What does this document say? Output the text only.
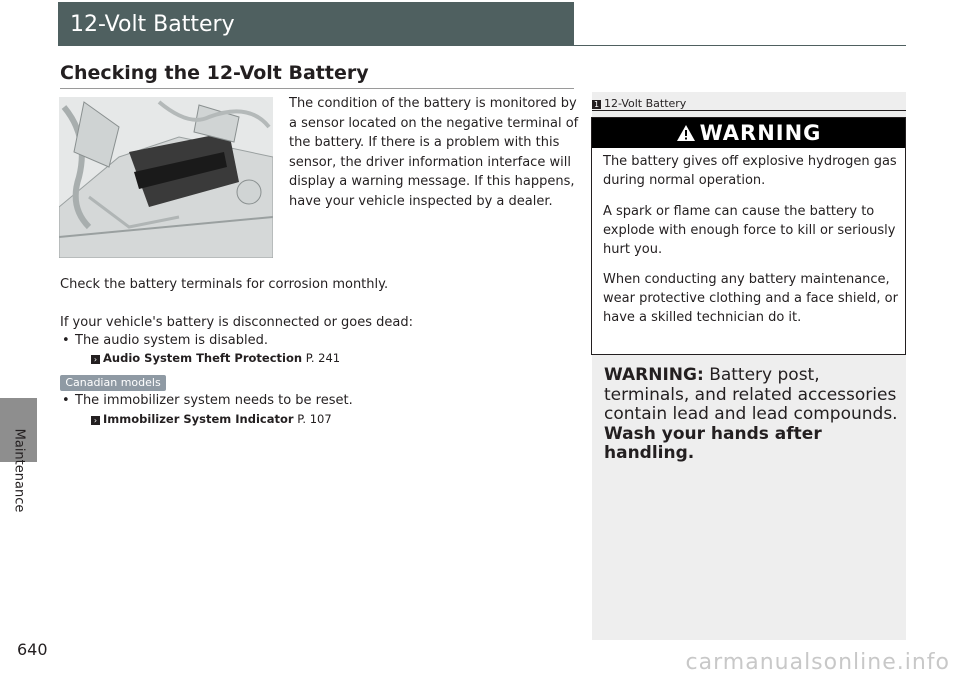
Maintenance
640
carmanualsonline.info
12-Volt Battery
Checking the 12-Volt Battery
The condition of the battery is monitored by a sensor located on the negative terminal of the battery. If there is a problem with this sensor, the driver information interface will display a warning message. If this happens, have your vehicle inspected by a dealer.
Check the battery terminals for corrosion monthly.
If your vehicle's battery is disconnected or goes dead:
• The audio system is disabled.
› Audio System Theft Protection P. 241
Canadian models
• The immobilizer system needs to be reset.
› Immobilizer System Indicator P. 107
1 12-Volt Battery
WARNING
The battery gives off explosive hydrogen gas during normal operation.
A spark or flame can cause the battery to explode with enough force to kill or seriously hurt you.
When conducting any battery maintenance, wear protective clothing and a face shield, or have a skilled technician do it.
WARNING: Battery post, terminals, and related accessories contain lead and lead compounds.
Wash your hands after handling.
